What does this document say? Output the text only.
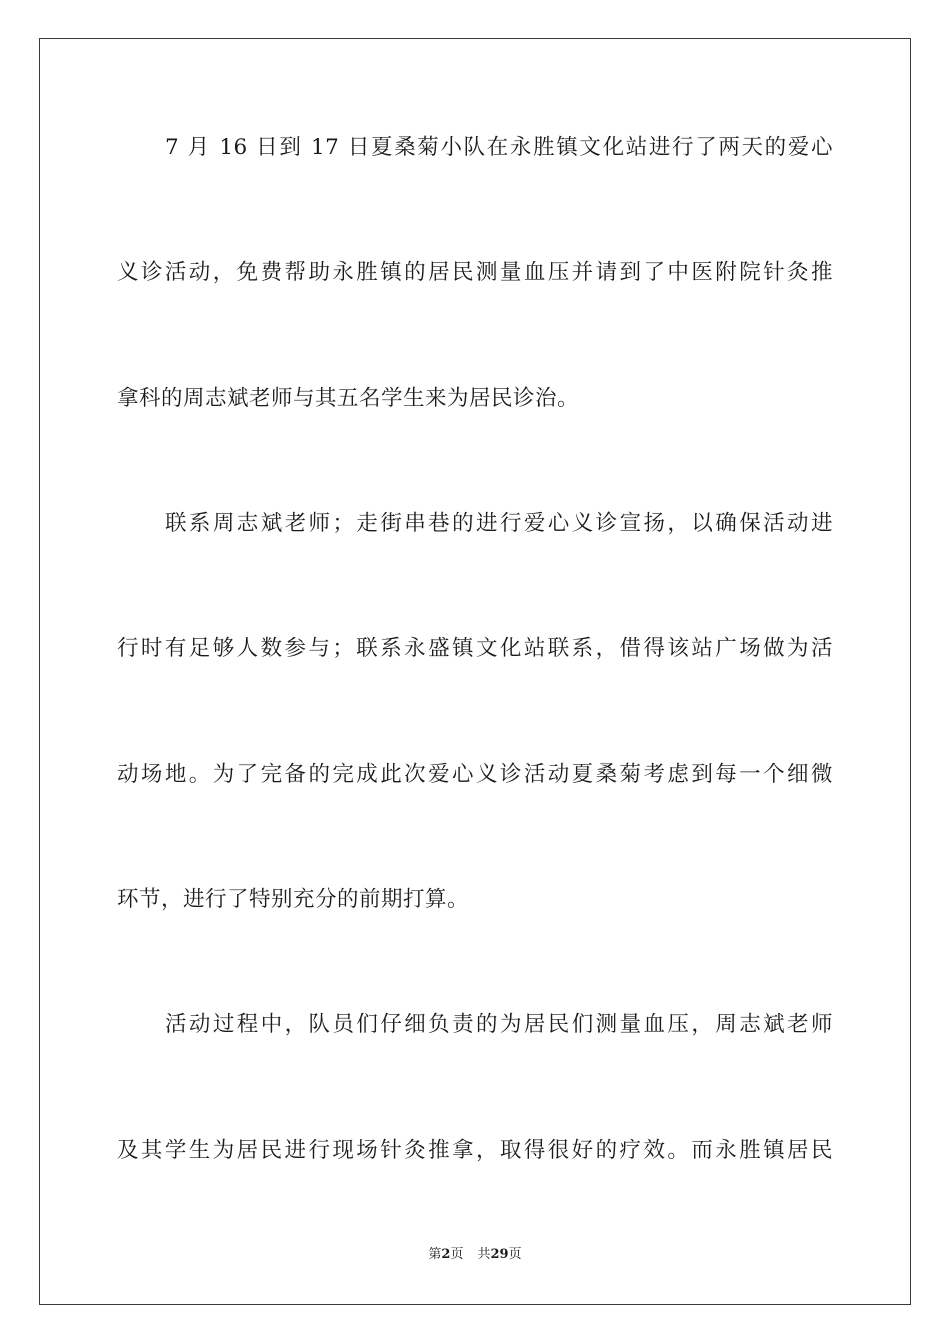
7 月 16 日到 17 日夏桑菊小队在永胜镇文化站进行了两天的爱心
义诊活动，免费帮助永胜镇的居民测量血压并请到了中医附院针灸推
拿科的周志斌老师与其五名学生来为居民诊治。
联系周志斌老师；走街串巷的进行爱心义诊宣扬，以确保活动进
行时有足够人数参与；联系永盛镇文化站联系，借得该站广场做为活
动场地。为了完备的完成此次爱心义诊活动夏桑菊考虑到每一个细微
环节，进行了特别充分的前期打算。
活动过程中，队员们仔细负责的为居民们测量血压，周志斌老师
及其学生为居民进行现场针灸推拿，取得很好的疗效。而永胜镇居民
第2页 共29页
